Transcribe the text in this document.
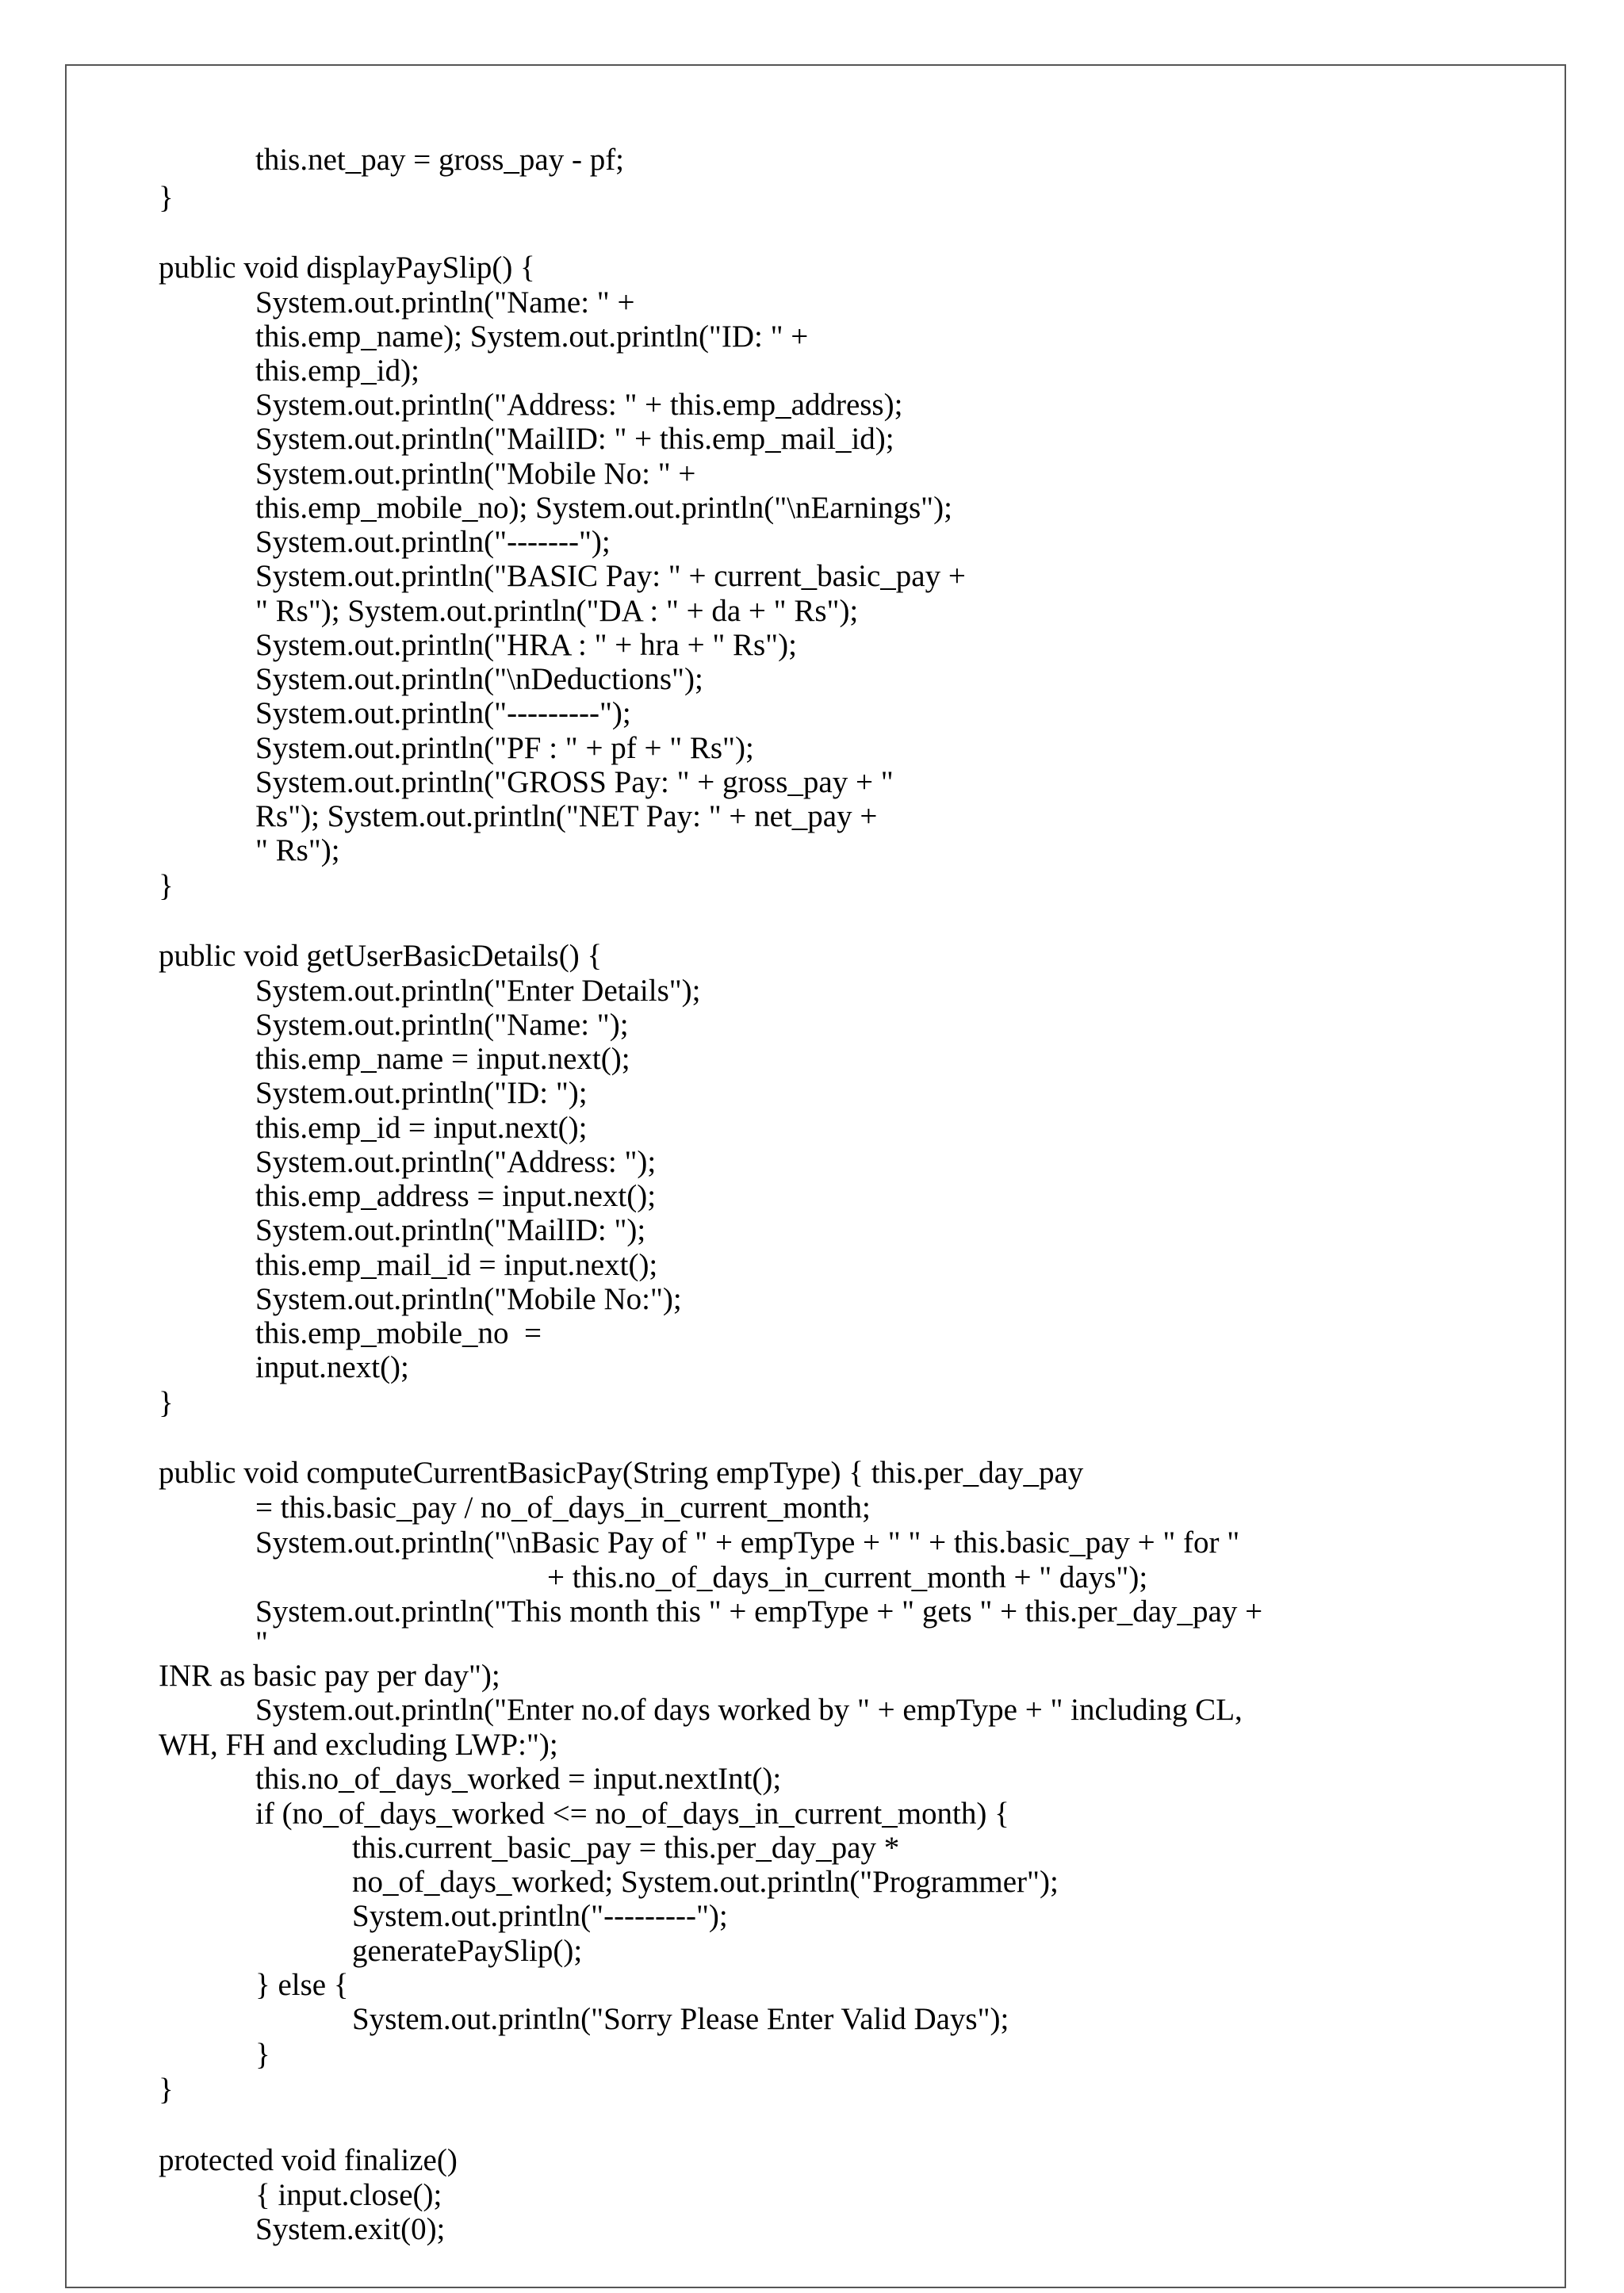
this.net_pay = gross_pay - pf;

}

public void displayPaySlip() {

System.out.println("Name: " +

this.emp_name); System.out.println("ID: " +

this.emp_id);

System.out.println("Address: " + this.emp_address);

System.out.println("MailID: " + this.emp_mail_id);

System.out.println("Mobile No: " +

this.emp_mobile_no); System.out.println("\nEarnings");

System.out.println("-------");

System.out.println("BASIC Pay: " + current_basic_pay +

" Rs"); System.out.println("DA : " + da + " Rs");

System.out.println("HRA : " + hra + " Rs");

System.out.println("\nDeductions");

System.out.println("---------");

System.out.println("PF : " + pf + " Rs");

System.out.println("GROSS Pay: " + gross_pay + "

Rs"); System.out.println("NET Pay: " + net_pay +

" Rs");

}

public void getUserBasicDetails() {

System.out.println("Enter Details");

System.out.println("Name: ");

this.emp_name = input.next();

System.out.println("ID: ");

this.emp_id = input.next();

System.out.println("Address: ");

this.emp_address = input.next();

System.out.println("MailID: ");

this.emp_mail_id = input.next();

System.out.println("Mobile No:");

this.emp_mobile_no  =

input.next();

}

public void computeCurrentBasicPay(String empType) { this.per_day_pay

= this.basic_pay / no_of_days_in_current_month;

System.out.println("\nBasic Pay of " + empType + " " + this.basic_pay + " for "

+ this.no_of_days_in_current_month + " days");

System.out.println("This month this " + empType + " gets " + this.per_day_pay +

"

INR as basic pay per day");

System.out.println("Enter no.of days worked by " + empType + " including CL,

WH, FH and excluding LWP:");

this.no_of_days_worked = input.nextInt();

if (no_of_days_worked <= no_of_days_in_current_month) {

this.current_basic_pay = this.per_day_pay *

no_of_days_worked; System.out.println("Programmer");

System.out.println("---------");

generatePaySlip();

} else {

System.out.println("Sorry Please Enter Valid Days");

}

}

protected void finalize()

{ input.close();

System.exit(0);
